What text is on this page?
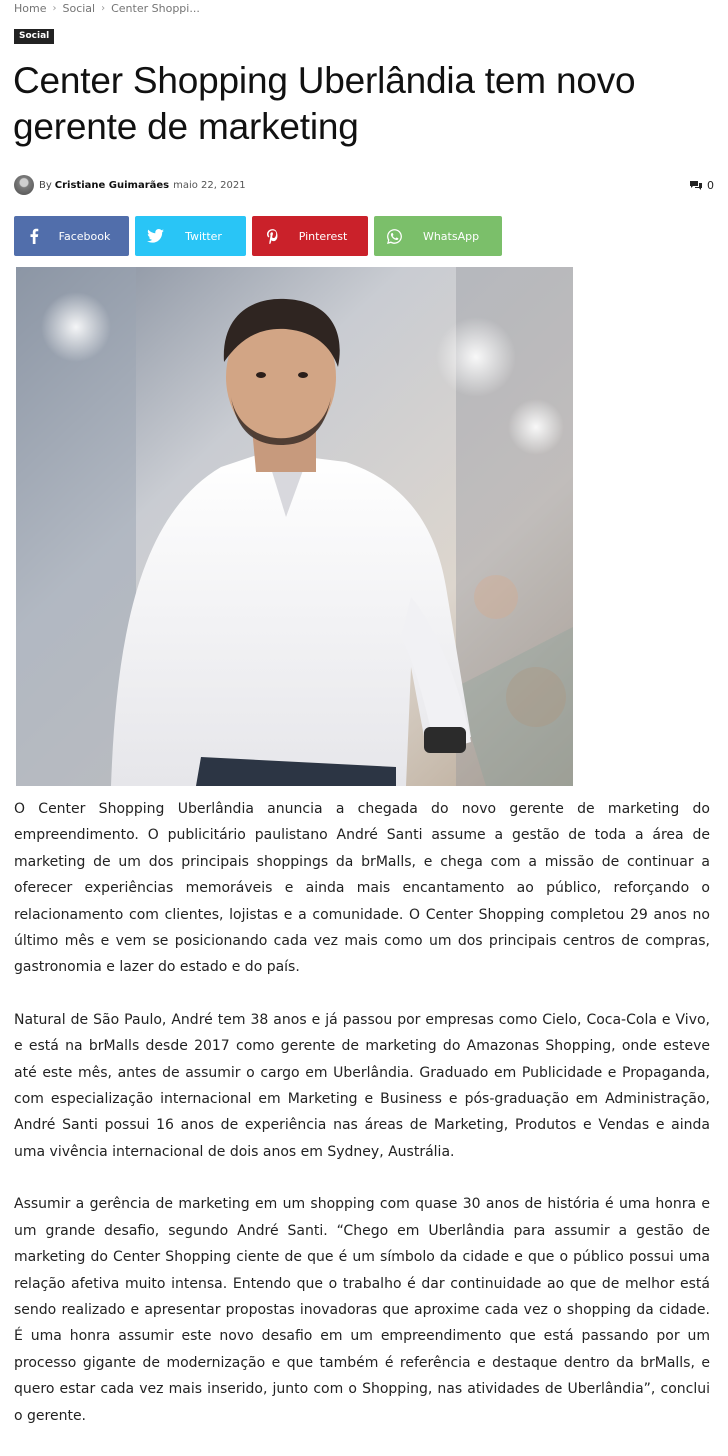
Home › Social › Center Shoppi...
Social
Center Shopping Uberlândia tem novo gerente de marketing
By Cristiane Guimarães maio 22, 2021	0
Facebook	Twitter	Pinterest	WhatsApp

O Center Shopping Uberlândia anuncia a chegada do novo gerente de marketing do empreendimento. O publicitário paulistano André Santi assume a gestão de toda a área de marketing de um dos principais shoppings da brMalls, e chega com a missão de continuar a oferecer experiências memoráveis e ainda mais encantamento ao público, reforçando o relacionamento com clientes, lojistas e a comunidade. O Center Shopping completou 29 anos no último mês e vem se posicionando cada vez mais como um dos principais centros de compras, gastronomia e lazer do estado e do país.

Natural de São Paulo, André tem 38 anos e já passou por empresas como Cielo, Coca-Cola e Vivo, e está na brMalls desde 2017 como gerente de marketing do Amazonas Shopping, onde esteve até este mês, antes de assumir o cargo em Uberlândia. Graduado em Publicidade e Propaganda, com especialização internacional em Marketing e Business e pós-graduação em Administração, André Santi possui 16 anos de experiência nas áreas de Marketing, Produtos e Vendas e ainda uma vivência internacional de dois anos em Sydney, Austrália.

Assumir a gerência de marketing em um shopping com quase 30 anos de história é uma honra e um grande desafio, segundo André Santi. “Chego em Uberlândia para assumir a gestão de marketing do Center Shopping ciente de que é um símbolo da cidade e que o público possui uma relação afetiva muito intensa. Entendo que o trabalho é dar continuidade ao que de melhor está sendo realizado e apresentar propostas inovadoras que aproxime cada vez o shopping da cidade. É uma honra assumir este novo desafio em um empreendimento que está passando por um processo gigante de modernização e que também é referência e destaque dentro da brMalls, e quero estar cada vez mais inserido, junto com o Shopping, nas atividades de Uberlândia”, conclui o gerente.
